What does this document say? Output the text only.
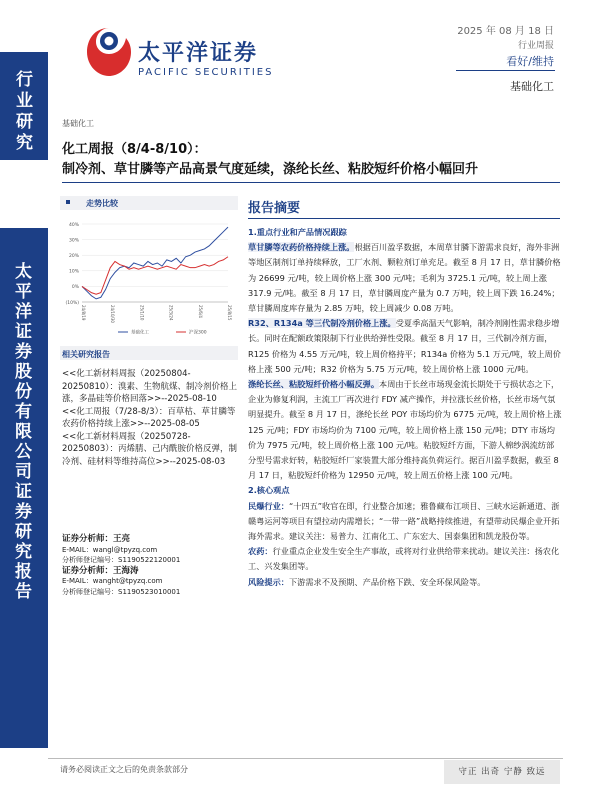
行业研究
太平洋证券股份有限公司证券研究报告
太平洋证券
PACIFIC SECURITIES
2025 年 08 月 18 日
行业周报
看好/维持
基础化工
基础化工
化工周报（8/4-8/10）：
制冷剂、草甘膦等产品高景气度延续，涤纶长丝、粘胶短纤价格小幅回升
走势比较
40%
30%
20%
10%
0%
(10%)
24/8/19	24/10/30	25/1/10	25/3/24	25/6/4	25/8/15
基础化工	沪深300
相关研究报告

<<化工新材料周报（20250804-20250810）：溴素、生物航煤、制冷剂价格上涨，多晶硅等价格回落>>--2025-08-10

<<化工周报（7/28-8/3）：百草枯、草甘膦等农药价格持续上涨>>--2025-08-05

<<化工新材料周报（20250728-20250803）：丙烯腈、己内酰胺价格反弹，制冷剂、硅材料等维持高位>>--2025-08-03

证券分析师：王亮
E-MAIL：wangl@tpyzq.com
分析师登记编号：S1190522120001
证券分析师：王海涛
E-MAIL：wanght@tpyzq.com
分析师登记编号：S1190523010001
报告摘要

1.重点行业和产品情况跟踪

草甘膦等农药价格持续上涨。根据百川盈孚数据，本周草甘膦下游需求良好，海外非洲等地区制剂订单持续释放，工厂水剂、颗粒剂订单充足。截至 8 月 17 日，草甘膦价格为 26699 元/吨，较上周价格上涨 300 元/吨；毛利为 3725.1 元/吨，较上周上涨 317.9 元/吨。截至 8 月 17 日，草甘膦周度产量为 0.7 万吨，较上周下跌 16.24%；草甘膦周度库存量为 2.85 万吨，较上周减少 0.08 万吨。

R32、R134a 等三代制冷剂价格上涨。受夏季高温天气影响，制冷剂刚性需求稳步增长。同时在配额政策限制下行业供给弹性受限。截至 8 月 17 日，三代制冷剂方面，R125 价格为 4.55 万元/吨，较上周价格持平；R134a 价格为 5.1 万元/吨，较上周价格上涨 500 元/吨；R32 价格为 5.75 万元/吨，较上周价格上涨 1000 元/吨。

涤纶长丝、粘胶短纤价格小幅反弹。本周由于长丝市场现金流长期处于亏损状态之下，企业为修复利润，主流工厂再次进行 FDY 减产操作，并拉涨长丝价格，长丝市场气氛明显提升。截至 8 月 17 日，涤纶长丝 POY 市场均价为 6775 元/吨，较上周价格上涨 125 元/吨；FDY 市场均价为 7100 元/吨，较上周价格上涨 150 元/吨；DTY 市场均价为 7975 元/吨，较上周价格上涨 100 元/吨。粘胶短纤方面，下游人棉纱涡流纺部分型号需求好转，粘胶短纤厂家装置大部分维持高负荷运行。据百川盈孚数据，截至 8 月 17 日，粘胶短纤价格为 12950 元/吨，较上周五价格上涨 100 元/吨。

2.核心观点

民爆行业：“十四五”收官在即，行业整合加速；雅鲁藏布江项目、三峡水运新通道、浙赣粤运河等项目有望拉动内需增长；“一带一路”战略持续推进，有望带动民爆企业开拓海外需求。建议关注：易普力、江南化工、广东宏大、国泰集团和凯龙股份等。

农药：行业重点企业发生安全生产事故，或将对行业供给带来扰动。建议关注：扬农化工、兴发集团等。

风险提示：下游需求不及预期、产品价格下跌、安全环保风险等。

请务必阅读正文之后的免责条款部分	守正 出奇 宁静 致远
